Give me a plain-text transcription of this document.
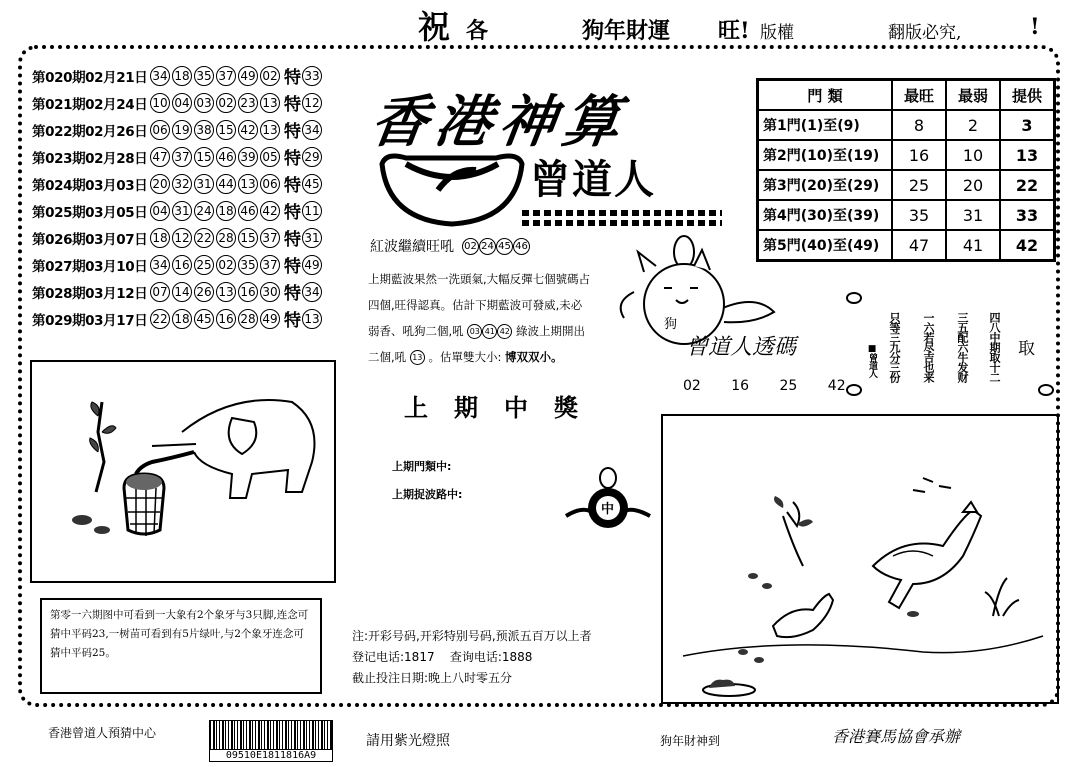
祝 各	狗年財運 旺! 版權	翻版必究,	!
第020期02月21日 34 18 35 37 49 02 特 33
第021期02月24日 10 04 03 02 23 13 特 12
第022期02月26日 06 19 38 15 42 13 特 34
第023期02月28日 47 37 15 46 39 05 特 29
第024期03月03日 20 32 31 44 13 06 特 45
第025期03月05日 04 31 24 18 46 42 特 11
第026期03月07日 18 12 22 28 15 37 特 31
第027期03月10日 34 16 25 02 35 37 特 49
第028期03月12日 07 14 26 13 16 30 特 34
第029期03月17日 22 18 45 16 28 49 特 13
香港神算
曾道人
紅波繼續旺吼 02 24 45 46
上期藍波果然一洗頭氣,大幅反彈七個號碼占
四個,旺得認真。估計下期藍波可發威,未必
弱香、吼狗二個,吼 03 41 42 綠波上期開出
二個,吼 13 。估單雙大小: 博双双小。
門 類	最旺	最弱	提供
第1門(1)至(9)	8	2	3
第2門(10)至(19)	16	10	13
第3門(20)至(29)	25	20	22
第4門(30)至(39)	35	31	33
第5門(40)至(49)	47	41	42
狗
曾道人透碼
02 16 25 42
四八中期取十二
三五配六牛发财
一六若尽吉也来
只等三九分三份
■曾道人	取
上期中獎
上期門類中:
上期捉波路中:
中
第零一六期图中可看到一大象有2个象牙与3只脚,连念可猜中平码23,一树苗可看到有5片绿叶,与2个象牙连念可猜中平码25。
注:开彩号码,开彩特别号码,预派五百万以上者
登记电话:1817    查询电话:1888
截止投注日期:晚上八时零五分
香港曾道人預猜中心
09510E1811816A9
請用紫光燈照	狗年財神到	香港賽馬協會承辦
